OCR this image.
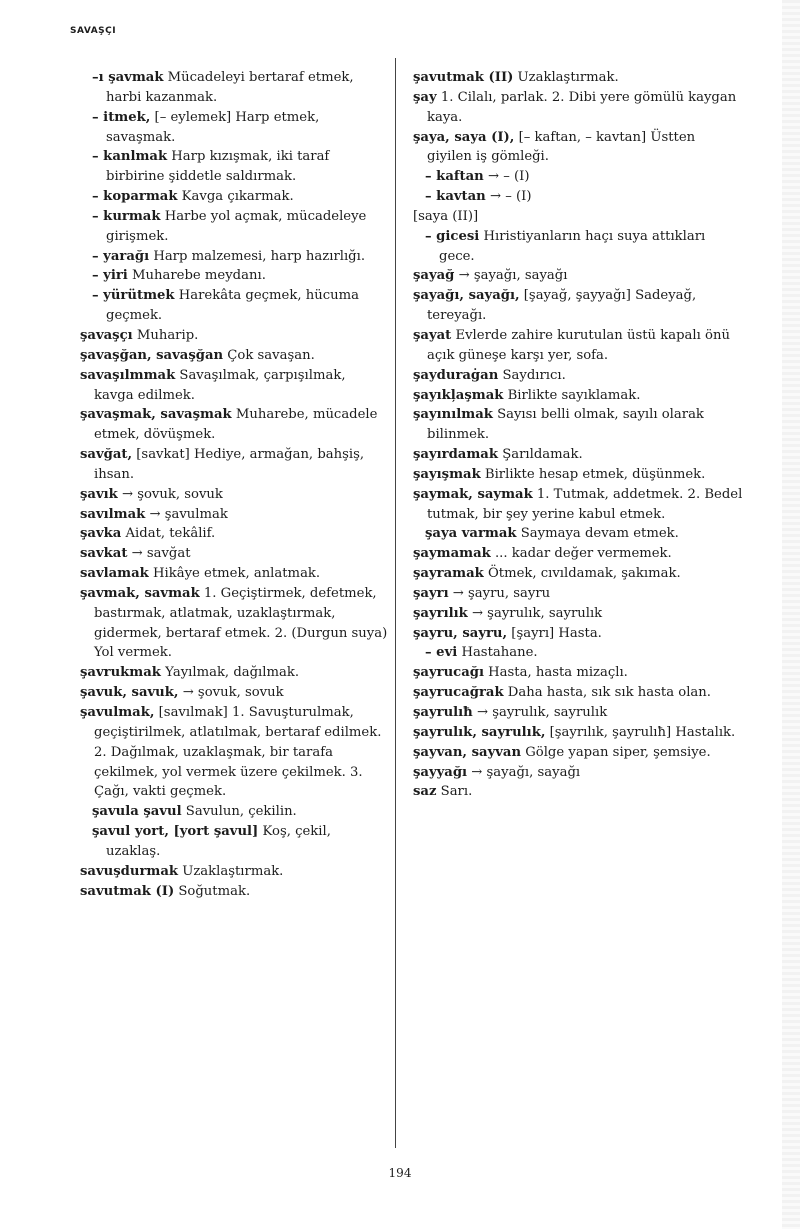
SAVAŞÇI

–ı şavmak Mücadeleyi bertaraf etmek, harbi kazanmak.

– itmek, [– eylemek] Harp etmek, savaşmak.

– kanlmak Harp kızışmak, iki taraf birbirine şiddetle saldırmak.

– koparmak Kavga çıkarmak.

– kurmak Harbe yol açmak, mücadeleye girişmek.

– yarağı Harp malzemesi, harp hazırlığı.

– yiri Muharebe meydanı.

– yürütmek Harekâta geçmek, hücuma geçmek.

şavaşçı Muharip.

şavaşğan, savaşğan Çok savaşan.

savaşılmmak Savaşılmak, çarpışılmak, kavga edilmek.

şavaşmak, savaşmak Muharebe, mücadele etmek, dövüşmek.

savğat, [savkat] Hediye, armağan, bahşiş, ihsan.

şavık → şovuk, sovuk

savılmak → şavulmak

şavka Aidat, tekâlif.

savkat → savğat

savlamak Hikâye etmek, anlatmak.

şavmak, savmak 1. Geçiştirmek, defetmek, bastırmak, atlatmak, uzaklaştırmak, gidermek, bertaraf etmek. 2. (Durgun suya) Yol vermek.

şavrukmak Yayılmak, dağılmak.

şavuk, savuk, → şovuk, sovuk

şavulmak, [savılmak] 1. Savuşturulmak, geçiştirilmek, atlatılmak, bertaraf edilmek. 2. Dağılmak, uzaklaşmak, bir tarafa çekilmek, yol vermek üzere çekilmek. 3. Çağı, vakti geçmek.

şavula şavul Savulun, çekilin.

şavul yort, [yort şavul] Koş, çekil, uzaklaş.

savuşdurmak Uzaklaştırmak.

savutmak (I) Soğutmak.

şavutmak (II) Uzaklaştırmak.

şay 1. Cilalı, parlak. 2. Dibi yere gömülü kaygan kaya.

şaya, saya (I), [– kaftan, – kavtan] Üstten giyilen iş gömleği.

– kaftan → – (I)

– kavtan → – (I)

[saya (II)]

– gicesi Hıristiyanların haçı suya attıkları gece.

şayağ → şayağı, sayağı

şayağı, sayağı, [şayağ, şayyağı] Sadeyağ, tereyağı.

şayat Evlerde zahire kurutulan üstü kapalı önü açık güneşe karşı yer, sofa.

şayduraġan Saydırıcı.

şayıkļaşmak Birlikte sayıklamak.

şayınılmak Sayısı belli olmak, sayılı olarak bilinmek.

şayırdamak Şarıldamak.

şayışmak Birlikte hesap etmek, düşünmek.

şaymak, saymak 1. Tutmak, addetmek. 2. Bedel tutmak, bir şey yerine kabul etmek.

şaya varmak Saymaya devam etmek.

şaymamak ... kadar değer vermemek.

şayramak Ötmek, cıvıldamak, şakımak.

şayrı → şayru, sayru

şayrılık → şayrulık, sayrulık

şayru, sayru, [şayrı] Hasta.

– evi Hastahane.

şayrucağı Hasta, hasta mizaçlı.

şayrucağrak Daha hasta, sık sık hasta olan.

şayrulıħ → şayrulık, sayrulık

şayrulık, sayrulık, [şayrılık, şayrulıħ] Hastalık.

şayvan, sayvan Gölge yapan siper, şemsiye.

şayyağı → şayağı, sayağı

saz Sarı.

194
